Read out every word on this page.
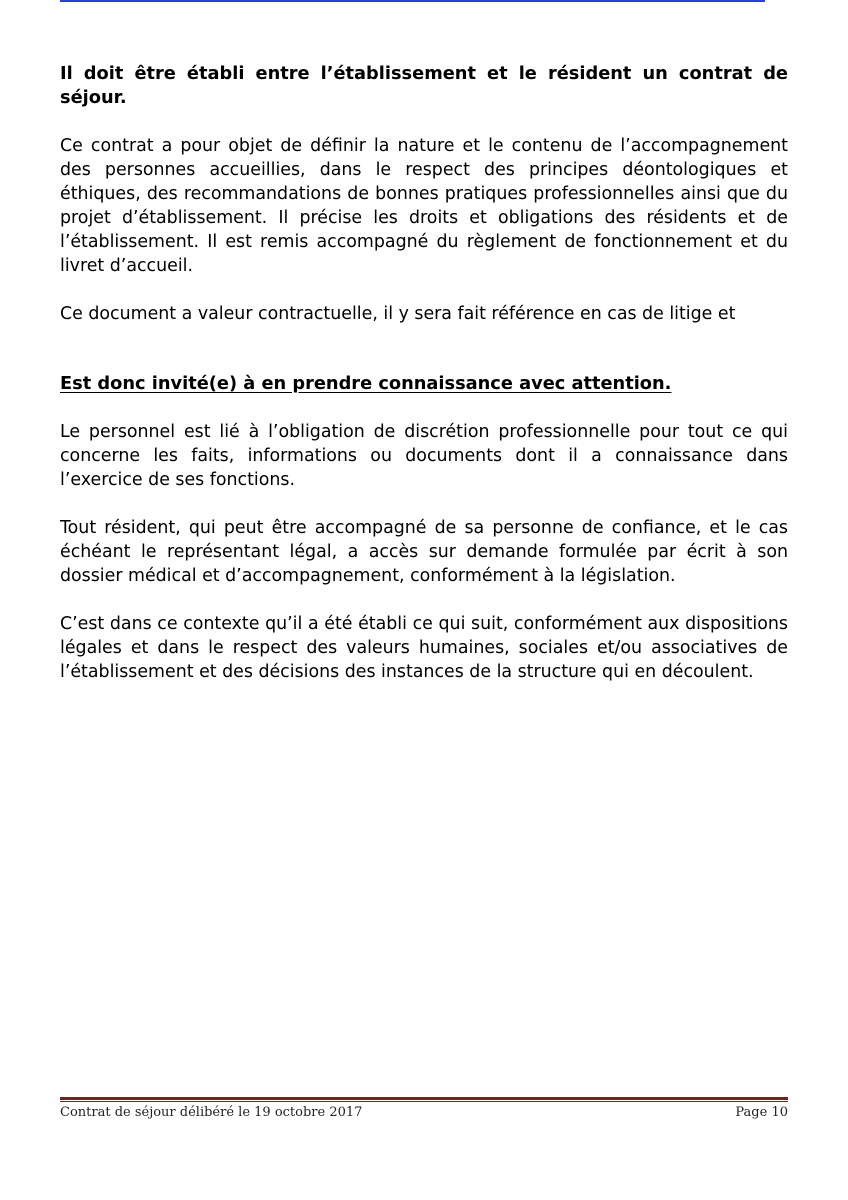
Il doit être établi entre l’établissement et le résident un contrat de séjour.

Ce contrat a pour objet de définir la nature et le contenu de l’accompagnement des personnes accueillies, dans le respect des principes déontologiques et éthiques, des recommandations de bonnes pratiques professionnelles ainsi que du projet d’établissement. Il précise les droits et obligations des résidents et de l’établissement. Il est remis accompagné du règlement de fonctionnement et du livret d’accueil.

Ce document a valeur contractuelle, il y sera fait référence en cas de litige et

Est donc invité(e) à en prendre connaissance avec attention.

Le personnel est lié à l’obligation de discrétion professionnelle pour tout ce qui concerne les faits, informations ou documents dont il a connaissance dans l’exercice de ses fonctions.

Tout résident, qui peut être accompagné de sa personne de confiance, et le cas échéant le représentant légal, a accès sur demande formulée par écrit à son dossier médical et d’accompagnement, conformément à la législation.

C’est dans ce contexte qu’il a été établi ce qui suit, conformément aux dispositions légales et dans le respect des valeurs humaines, sociales et/ou associatives de l’établissement et des décisions des instances de la structure qui en découlent.

Contrat de séjour délibéré le 19 octobre 2017	Page 10
